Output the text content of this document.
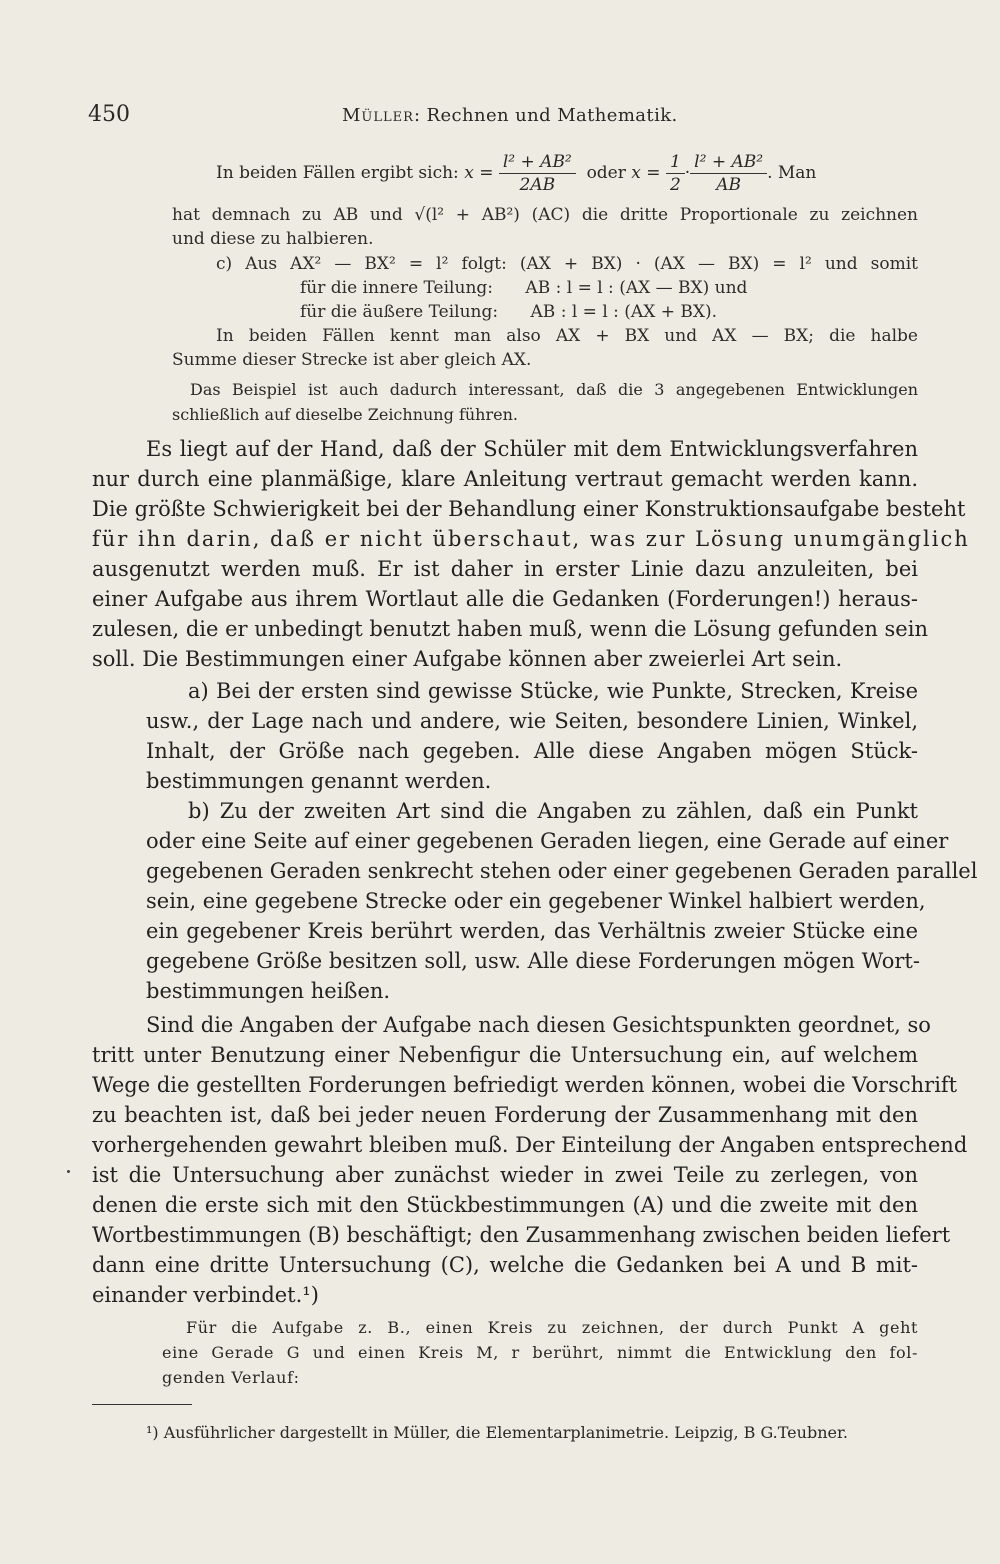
450	Müller: Rechnen und Mathematik.
In beiden Fällen ergibt sich:
x =
$\frac{\text{l² + AB²}}{2AB}$
oder
x =
$\frac{1}{2} \cdot \frac{\text{l² + AB²}}{AB}$ . Man
hat demnach zu AB und √(l² + AB²) (AC) die dritte Proportionale zu zeichnen
und diese zu halbieren.
c) Aus AX² — BX² = l² folgt: (AX + BX) · (AX — BX) = l² und somit
für die innere Teilung:      AB : l = l : (AX — BX) und
für die äußere Teilung:      AB : l = l : (AX + BX).
In beiden Fällen kennt man also AX + BX und AX — BX; die halbe
Summe dieser Strecke ist aber gleich AX.
Das Beispiel ist auch dadurch interessant, daß die 3 angegebenen Entwicklungen
schließlich auf dieselbe Zeichnung führen.
Es liegt auf der Hand, daß der Schüler mit dem Entwicklungsverfahren
nur durch eine planmäßige, klare Anleitung vertraut gemacht werden kann.
Die größte Schwierigkeit bei der Behandlung einer Konstruktionsaufgabe besteht
für ihn darin, daß er nicht überschaut, was zur Lösung unumgänglich
ausgenutzt werden muß. Er ist daher in erster Linie dazu anzuleiten, bei
einer Aufgabe aus ihrem Wortlaut alle die Gedanken (Forderungen!) heraus-
zulesen, die er unbedingt benutzt haben muß, wenn die Lösung gefunden sein
soll. Die Bestimmungen einer Aufgabe können aber zweierlei Art sein.
a) Bei der ersten sind gewisse Stücke, wie Punkte, Strecken, Kreise
usw., der Lage nach und andere, wie Seiten, besondere Linien, Winkel,
Inhalt, der Größe nach gegeben. Alle diese Angaben mögen Stück-
bestimmungen genannt werden.
b) Zu der zweiten Art sind die Angaben zu zählen, daß ein Punkt
oder eine Seite auf einer gegebenen Geraden liegen, eine Gerade auf einer
gegebenen Geraden senkrecht stehen oder einer gegebenen Geraden parallel
sein, eine gegebene Strecke oder ein gegebener Winkel halbiert werden,
ein gegebener Kreis berührt werden, das Verhältnis zweier Stücke eine
gegebene Größe besitzen soll, usw. Alle diese Forderungen mögen Wort-
bestimmungen heißen.
Sind die Angaben der Aufgabe nach diesen Gesichtspunkten geordnet, so
tritt unter Benutzung einer Nebenfigur die Untersuchung ein, auf welchem
Wege die gestellten Forderungen befriedigt werden können, wobei die Vorschrift
zu beachten ist, daß bei jeder neuen Forderung der Zusammenhang mit den
vorhergehenden gewahrt bleiben muß. Der Einteilung der Angaben entsprechend
ist die Untersuchung aber zunächst wieder in zwei Teile zu zerlegen, von
denen die erste sich mit den Stückbestimmungen (A) und die zweite mit den
Wortbestimmungen (B) beschäftigt; den Zusammenhang zwischen beiden liefert
dann eine dritte Untersuchung (C), welche die Gedanken bei A und B mit-
einander verbindet.¹)
Für die Aufgabe z. B., einen Kreis zu zeichnen, der durch Punkt A geht
eine Gerade G und einen Kreis M, r berührt, nimmt die Entwicklung den fol-
genden Verlauf:
¹) Ausführlicher dargestellt in Müller, die Elementarplanimetrie. Leipzig, B G.Teubner.
